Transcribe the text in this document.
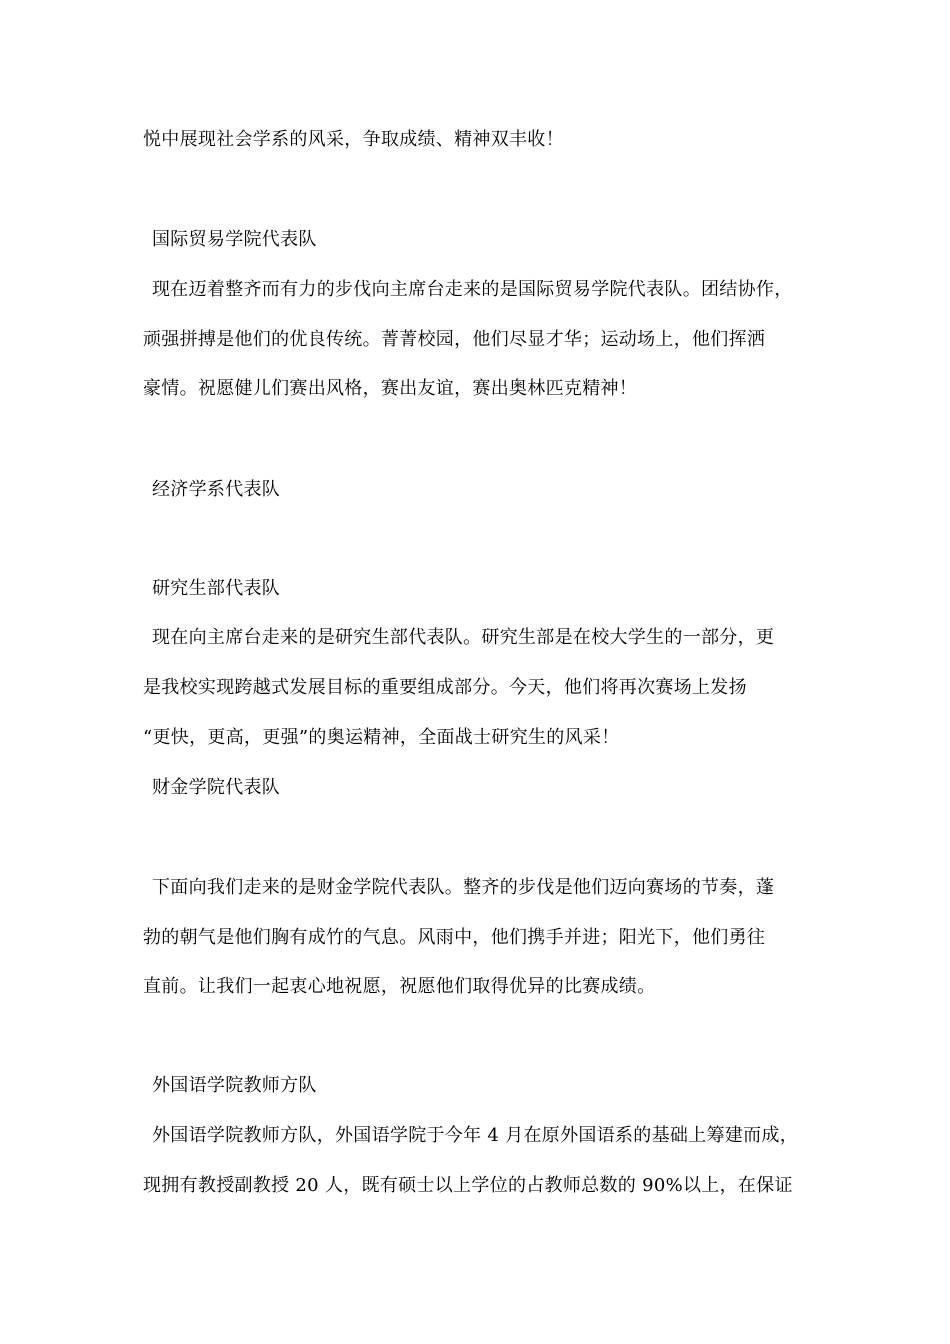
悦中展现社会学系的风采，争取成绩、精神双丰收！
国际贸易学院代表队
现在迈着整齐而有力的步伐向主席台走来的是国际贸易学院代表队。团结协作，
顽强拼搏是他们的优良传统。菁菁校园，他们尽显才华；运动场上，他们挥洒
豪情。祝愿健儿们赛出风格，赛出友谊，赛出奥林匹克精神！
经济学系代表队
研究生部代表队
现在向主席台走来的是研究生部代表队。研究生部是在校大学生的一部分，更
是我校实现跨越式发展目标的重要组成部分。今天，他们将再次赛场上发扬
“更快，更高，更强”的奥运精神，全面战士研究生的风采！
财金学院代表队
下面向我们走来的是财金学院代表队。整齐的步伐是他们迈向赛场的节奏，蓬
勃的朝气是他们胸有成竹的气息。风雨中，他们携手并进；阳光下，他们勇往
直前。让我们一起衷心地祝愿，祝愿他们取得优异的比赛成绩。
外国语学院教师方队
外国语学院教师方队，外国语学院于今年 4 月在原外国语系的基础上筹建而成，
现拥有教授副教授 20 人，既有硕士以上学位的占教师总数的 90%以上，在保证
